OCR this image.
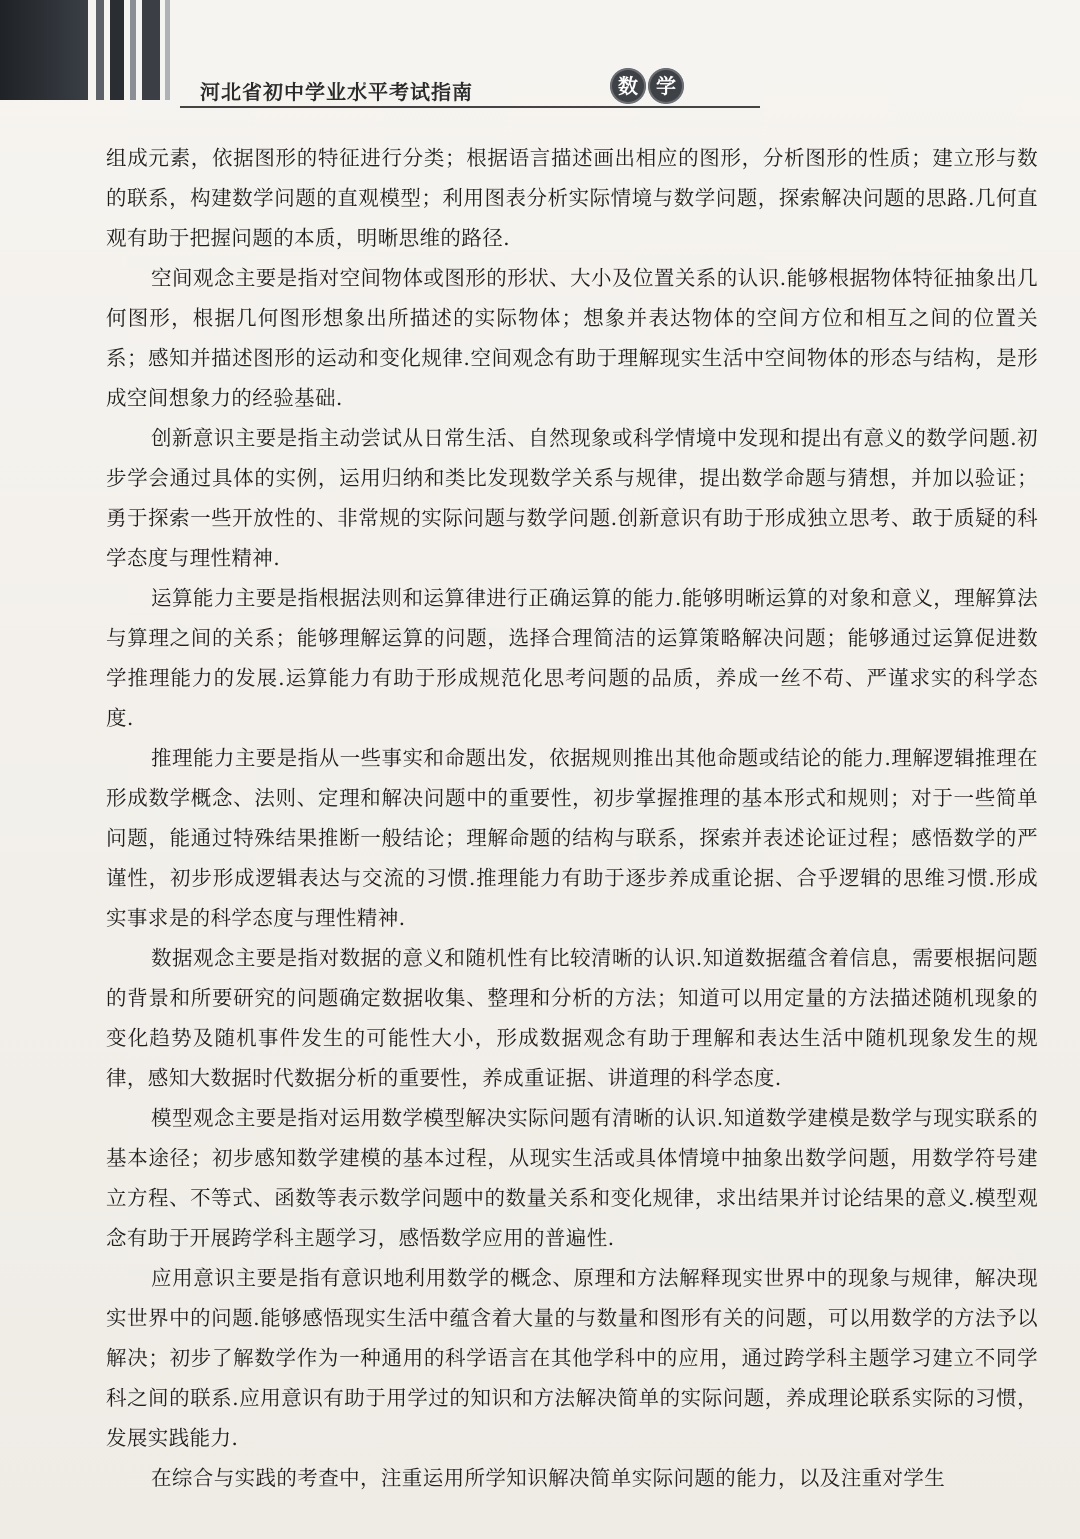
河北省初中学业水平考试指南	数 学

组成元素，依据图形的特征进行分类；根据语言描述画出相应的图形，分析图形的性质；建立形与数的联系，构建数学问题的直观模型；利用图表分析实际情境与数学问题，探索解决问题的思路.几何直观有助于把握问题的本质，明晰思维的路径.

空间观念主要是指对空间物体或图形的形状、大小及位置关系的认识.能够根据物体特征抽象出几何图形，根据几何图形想象出所描述的实际物体；想象并表达物体的空间方位和相互之间的位置关系；感知并描述图形的运动和变化规律.空间观念有助于理解现实生活中空间物体的形态与结构，是形成空间想象力的经验基础.

创新意识主要是指主动尝试从日常生活、自然现象或科学情境中发现和提出有意义的数学问题.初步学会通过具体的实例，运用归纳和类比发现数学关系与规律，提出数学命题与猜想，并加以验证；勇于探索一些开放性的、非常规的实际问题与数学问题.创新意识有助于形成独立思考、敢于质疑的科学态度与理性精神.

运算能力主要是指根据法则和运算律进行正确运算的能力.能够明晰运算的对象和意义，理解算法与算理之间的关系；能够理解运算的问题，选择合理简洁的运算策略解决问题；能够通过运算促进数学推理能力的发展.运算能力有助于形成规范化思考问题的品质，养成一丝不苟、严谨求实的科学态度.

推理能力主要是指从一些事实和命题出发，依据规则推出其他命题或结论的能力.理解逻辑推理在形成数学概念、法则、定理和解决问题中的重要性，初步掌握推理的基本形式和规则；对于一些简单问题，能通过特殊结果推断一般结论；理解命题的结构与联系，探索并表述论证过程；感悟数学的严谨性，初步形成逻辑表达与交流的习惯.推理能力有助于逐步养成重论据、合乎逻辑的思维习惯.形成实事求是的科学态度与理性精神.

数据观念主要是指对数据的意义和随机性有比较清晰的认识.知道数据蕴含着信息，需要根据问题的背景和所要研究的问题确定数据收集、整理和分析的方法；知道可以用定量的方法描述随机现象的变化趋势及随机事件发生的可能性大小，形成数据观念有助于理解和表达生活中随机现象发生的规律，感知大数据时代数据分析的重要性，养成重证据、讲道理的科学态度.

模型观念主要是指对运用数学模型解决实际问题有清晰的认识.知道数学建模是数学与现实联系的基本途径；初步感知数学建模的基本过程，从现实生活或具体情境中抽象出数学问题，用数学符号建立方程、不等式、函数等表示数学问题中的数量关系和变化规律，求出结果并讨论结果的意义.模型观念有助于开展跨学科主题学习，感悟数学应用的普遍性.

应用意识主要是指有意识地利用数学的概念、原理和方法解释现实世界中的现象与规律，解决现实世界中的问题.能够感悟现实生活中蕴含着大量的与数量和图形有关的问题，可以用数学的方法予以解决；初步了解数学作为一种通用的科学语言在其他学科中的应用，通过跨学科主题学习建立不同学科之间的联系.应用意识有助于用学过的知识和方法解决简单的实际问题，养成理论联系实际的习惯，发展实践能力.

在综合与实践的考查中，注重运用所学知识解决简单实际问题的能力，以及注重对学生
